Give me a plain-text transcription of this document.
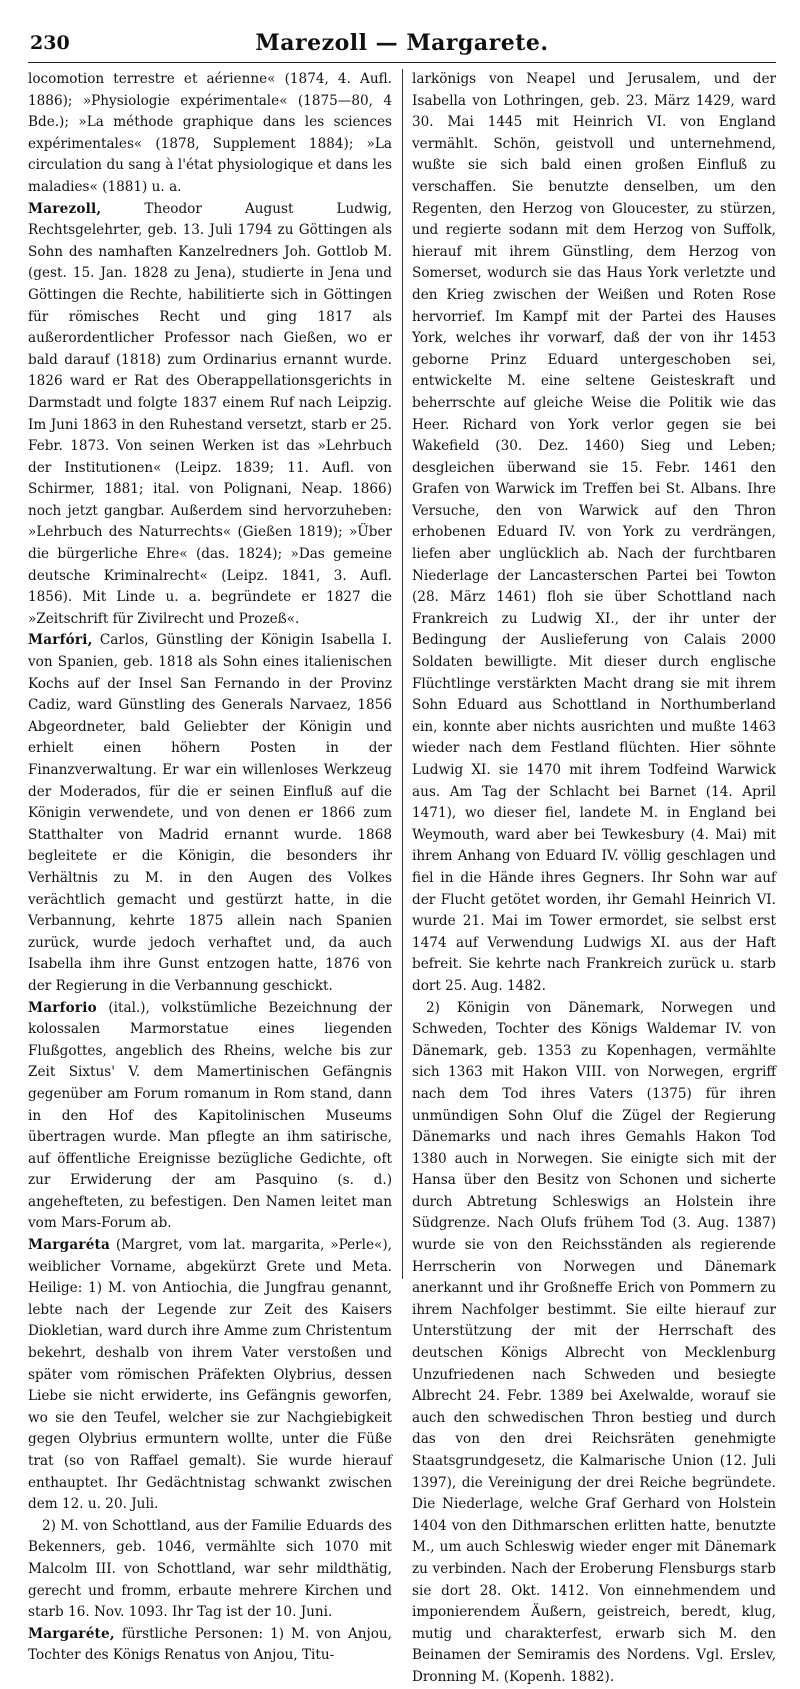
230	Marezoll — Margarete.

locomotion terrestre et aérienne« (1874, 4. Aufl. 1886); »Physiologie expérimentale« (1875—80, 4 Bde.); »La méthode graphique dans les sciences expérimentales« (1878, Supplement 1884); »La circulation du sang à l'état physiologique et dans les maladies« (1881) u. a.

Marezoll, Theodor August Ludwig, Rechtsgelehrter, geb. 13. Juli 1794 zu Göttingen als Sohn des namhaften Kanzelredners Joh. Gottlob M. (gest. 15. Jan. 1828 zu Jena), studierte in Jena und Göttingen die Rechte, habilitierte sich in Göttingen für römisches Recht und ging 1817 als außerordentlicher Professor nach Gießen, wo er bald darauf (1818) zum Ordinarius ernannt wurde. 1826 ward er Rat des Oberappellationsgerichts in Darmstadt und folgte 1837 einem Ruf nach Leipzig. Im Juni 1863 in den Ruhestand versetzt, starb er 25. Febr. 1873. Von seinen Werken ist das »Lehrbuch der Institutionen« (Leipz. 1839; 11. Aufl. von Schirmer, 1881; ital. von Polignani, Neap. 1866) noch jetzt gangbar. Außerdem sind hervorzuheben: »Lehrbuch des Naturrechts« (Gießen 1819); »Über die bürgerliche Ehre« (das. 1824); »Das gemeine deutsche Kriminalrecht« (Leipz. 1841, 3. Aufl. 1856). Mit Linde u. a. begründete er 1827 die »Zeitschrift für Zivilrecht und Prozeß«.

Marfóri, Carlos, Günstling der Königin Isabella I. von Spanien, geb. 1818 als Sohn eines italienischen Kochs auf der Insel San Fernando in der Provinz Cadiz, ward Günstling des Generals Narvaez, 1856 Abgeordneter, bald Geliebter der Königin und erhielt einen höhern Posten in der Finanzverwaltung. Er war ein willenloses Werkzeug der Moderados, für die er seinen Einfluß auf die Königin verwendete, und von denen er 1866 zum Statthalter von Madrid ernannt wurde. 1868 begleitete er die Königin, die besonders ihr Verhältnis zu M. in den Augen des Volkes verächtlich gemacht und gestürzt hatte, in die Verbannung, kehrte 1875 allein nach Spanien zurück, wurde jedoch verhaftet und, da auch Isabella ihm ihre Gunst entzogen hatte, 1876 von der Regierung in die Verbannung geschickt.

Marforio (ital.), volkstümliche Bezeichnung der kolossalen Marmorstatue eines liegenden Flußgottes, angeblich des Rheins, welche bis zur Zeit Sixtus' V. dem Mamertinischen Gefängnis gegenüber am Forum romanum in Rom stand, dann in den Hof des Kapitolinischen Museums übertragen wurde. Man pflegte an ihm satirische, auf öffentliche Ereignisse bezügliche Gedichte, oft zur Erwiderung der am Pasquino (s. d.) angehefteten, zu befestigen. Den Namen leitet man vom Mars-Forum ab.

Margaréta (Margret, vom lat. margarita, »Perle«), weiblicher Vorname, abgekürzt Grete und Meta. Heilige: 1) M. von Antiochia, die Jungfrau genannt, lebte nach der Legende zur Zeit des Kaisers Diokletian, ward durch ihre Amme zum Christentum bekehrt, deshalb von ihrem Vater verstoßen und später vom römischen Präfekten Olybrius, dessen Liebe sie nicht erwiderte, ins Gefängnis geworfen, wo sie den Teufel, welcher sie zur Nachgiebigkeit gegen Olybrius ermuntern wollte, unter die Füße trat (so von Raffael gemalt). Sie wurde hierauf enthauptet. Ihr Gedächtnistag schwankt zwischen dem 12. u. 20. Juli.

2) M. von Schottland, aus der Familie Eduards des Bekenners, geb. 1046, vermählte sich 1070 mit Malcolm III. von Schottland, war sehr mildthätig, gerecht und fromm, erbaute mehrere Kirchen und starb 16. Nov. 1093. Ihr Tag ist der 10. Juni.

Margaréte, fürstliche Personen: 1) M. von Anjou, Tochter des Königs Renatus von Anjou, Titu-

larkönigs von Neapel und Jerusalem, und der Isabella von Lothringen, geb. 23. März 1429, ward 30. Mai 1445 mit Heinrich VI. von England vermählt. Schön, geistvoll und unternehmend, wußte sie sich bald einen großen Einfluß zu verschaffen. Sie benutzte denselben, um den Regenten, den Herzog von Gloucester, zu stürzen, und regierte sodann mit dem Herzog von Suffolk, hierauf mit ihrem Günstling, dem Herzog von Somerset, wodurch sie das Haus York verletzte und den Krieg zwischen der Weißen und Roten Rose hervorrief. Im Kampf mit der Partei des Hauses York, welches ihr vorwarf, daß der von ihr 1453 geborne Prinz Eduard untergeschoben sei, entwickelte M. eine seltene Geisteskraft und beherrschte auf gleiche Weise die Politik wie das Heer. Richard von York verlor gegen sie bei Wakefield (30. Dez. 1460) Sieg und Leben; desgleichen überwand sie 15. Febr. 1461 den Grafen von Warwick im Treffen bei St. Albans. Ihre Versuche, den von Warwick auf den Thron erhobenen Eduard IV. von York zu verdrängen, liefen aber unglücklich ab. Nach der furchtbaren Niederlage der Lancasterschen Partei bei Towton (28. März 1461) floh sie über Schottland nach Frankreich zu Ludwig XI., der ihr unter der Bedingung der Auslieferung von Calais 2000 Soldaten bewilligte. Mit dieser durch englische Flüchtlinge verstärkten Macht drang sie mit ihrem Sohn Eduard aus Schottland in Northumberland ein, konnte aber nichts ausrichten und mußte 1463 wieder nach dem Festland flüchten. Hier söhnte Ludwig XI. sie 1470 mit ihrem Todfeind Warwick aus. Am Tag der Schlacht bei Barnet (14. April 1471), wo dieser fiel, landete M. in England bei Weymouth, ward aber bei Tewkesbury (4. Mai) mit ihrem Anhang von Eduard IV. völlig geschlagen und fiel in die Hände ihres Gegners. Ihr Sohn war auf der Flucht getötet worden, ihr Gemahl Heinrich VI. wurde 21. Mai im Tower ermordet, sie selbst erst 1474 auf Verwendung Ludwigs XI. aus der Haft befreit. Sie kehrte nach Frankreich zurück u. starb dort 25. Aug. 1482.

2) Königin von Dänemark, Norwegen und Schweden, Tochter des Königs Waldemar IV. von Dänemark, geb. 1353 zu Kopenhagen, vermählte sich 1363 mit Hakon VIII. von Norwegen, ergriff nach dem Tod ihres Vaters (1375) für ihren unmündigen Sohn Oluf die Zügel der Regierung Dänemarks und nach ihres Gemahls Hakon Tod 1380 auch in Norwegen. Sie einigte sich mit der Hansa über den Besitz von Schonen und sicherte durch Abtretung Schleswigs an Holstein ihre Südgrenze. Nach Olufs frühem Tod (3. Aug. 1387) wurde sie von den Reichsständen als regierende Herrscherin von Norwegen und Dänemark anerkannt und ihr Großneffe Erich von Pommern zu ihrem Nachfolger bestimmt. Sie eilte hierauf zur Unterstützung der mit der Herrschaft des deutschen Königs Albrecht von Mecklenburg Unzufriedenen nach Schweden und besiegte Albrecht 24. Febr. 1389 bei Axelwalde, worauf sie auch den schwedischen Thron bestieg und durch das von den drei Reichsräten genehmigte Staatsgrundgesetz, die Kalmarische Union (12. Juli 1397), die Vereinigung der drei Reiche begründete. Die Niederlage, welche Graf Gerhard von Holstein 1404 von den Dithmarschen erlitten hatte, benutzte M., um auch Schleswig wieder enger mit Dänemark zu verbinden. Nach der Eroberung Flensburgs starb sie dort 28. Okt. 1412. Von einnehmendem und imponierendem Äußern, geistreich, beredt, klug, mutig und charakterfest, erwarb sich M. den Beinamen der Semiramis des Nordens. Vgl. Erslev, Dronning M. (Kopenh. 1882).
